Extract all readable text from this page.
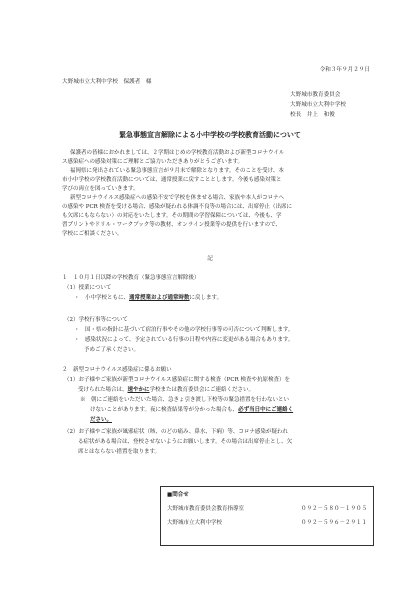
令和３年９月２９日
大野城市立大利中学校　保護者　様
大野城市教育委員会
大野城市立大利中学校
校長　井上　和俊
緊急事態宣言解除による小中学校の学校教育活動について
保護者の皆様におかれましては、２学期はじめの学校教育活動および新型コロナウイル
ス感染症への感染対策にご理解とご協力いただきありがとうございます。
福岡県に発出されている緊急事態宣言が９月末で解除となります。そのことを受け、本
市小中学校の学校教育活動については、通常授業に戻すこととします。今後も感染対策と
学びの両立を図っていきます。
新型コロナウイルス感染症への感染不安で学校を休ませる場合、家族や本人がコロナへ
の感染や PCR 検査を受ける場合、感染が疑われる体調不良等の場合には、出席停止（出席に
も欠席にもならない）の対応をいたします。その期間の学習保障については、今後も、学
習プリントやドリル・ワークブック等の教材、オンライン授業等の提供を行いますので、
学校にご相談ください。
記
１　１０月１日以降の学校教育（緊急事態宣言解除後）
（1）授業について
・　小中学校ともに、通常授業および通常時数に戻します。
（2）学校行事等について
・　国・県の指針に基づいて宿泊行事やその他の学校行事等の可否について判断します。
・　感染状況によって、予定されている行事の日程や内容に変更がある場合もあります。
予めご了承ください。
２　新型コロナウイルス感染症に係るお願い
（1）お子様やご家族が新型コロナウイルス感染症に関する検査（PCR 検査や抗原検査）を
受けられた場合は、速やかに学校または教育委員会にご連絡ください。
※　朝にご連絡をいただいた場合、急きょ引き渡し下校等の緊急措置を行わないとい
けないことがあります。夜に検査結果等が分かった場合も、必ず当日中にご連絡く
ださい。
（2）お子様やご家族が風邪症状（咳、のどの痛み、鼻水、下痢）等、コロナ感染が疑われ
る症状がある場合は、登校させないようにお願いします。その場合は出席停止とし、欠
席とはならない措置を取ります。
■問合せ
大野城市教育委員会教育指導室	０９２－５８０－１９０５
大野城市立大利中学校	０９２－５９６－２９１１
